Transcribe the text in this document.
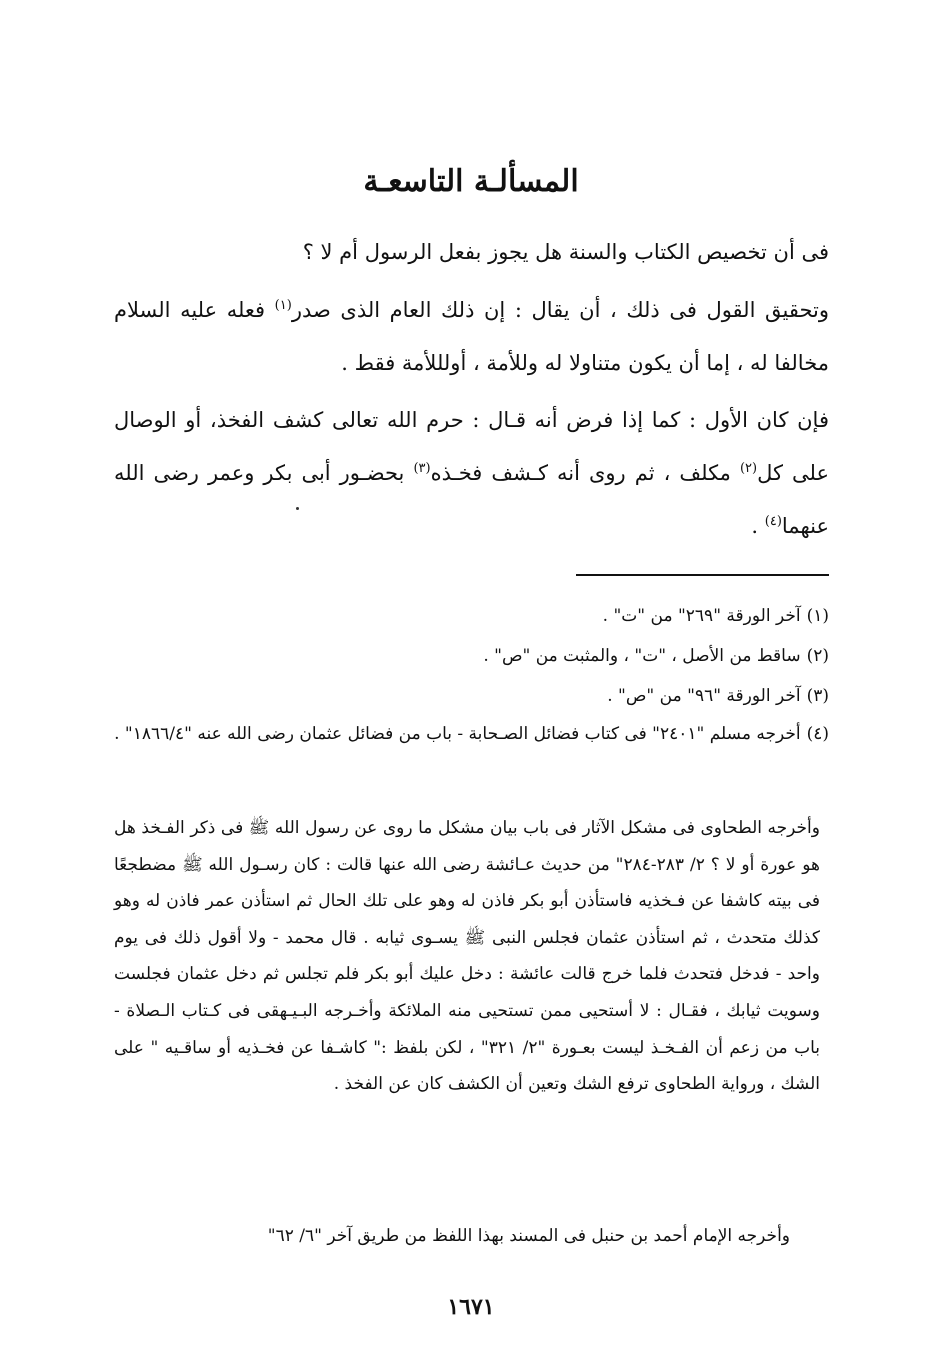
المسألـة التاسعـة

فى أن تخصيص الكتاب والسنة هل يجوز بفعل الرسول أم لا ؟

وتحقيق القول فى ذلك ، أن يقال : إن ذلك العام الذى صدر$^{(١)}$ فعله عليه السلام مخالفا له ، إما أن يكون متناولا له وللأمة ، أولللأمة فقط .

فإن كان الأول : كما إذا فرض أنه قـال : حرم الله تعالى كشف الفخذ، أو الوصال على كل$^{(٢)}$ مكلف ، ثم روى أنه كـشف فخـذه$^{(٣)}$ بحضـور أبى بكر وعمر رضى الله عنهما$^{(٤)}$ .

(١)آخر الورقة "٢٦٩" من "ت" .
(٢)ساقط من الأصل ، "ت" ، والمثبت من "ص" .
(٣)آخر الورقة "٩٦" من "ص" .
(٤)أخرجه مسلم "٢٤٠١" فى كتاب فضائل الصـحابة - باب من فضائل عثمان رضى الله عنه "١٨٦٦/٤" .

وأخرجه الطحاوى فى مشكل الآثار فى باب بيان مشكل ما روى عن رسول الله ﷺ فى ذكر الفـخذ هل هو عورة أو لا ؟ ٢/ ٢٨٣-٢٨٤" من حديث عـائشة رضى الله عنها قالت : كان رسـول الله ﷺ مضطجعًا فى بيته كاشفا عن فـخذيه فاستأذن أبو بكر فاذن له وهو على تلك الحال ثم استأذن عمر فاذن له وهو كذلك متحدث ، ثم استأذن عثمان فجلس النبى ﷺ يسـوى ثيابه . قال محمد - ولا أقول ذلك فى يوم واحد - فدخل فتحدث فلما خرج قالت عائشة : دخل عليك أبو بكر فلم تجلس ثم دخل عثمان فجلست وسويت ثيابك ، فقـال : لا أستحيى ممن تستحيى منه الملائكة وأخـرجه البـيـهقى فى كـتاب الـصلاة - باب من زعم أن الفـخـذ ليست بعـورة "٢/ ٣٢١" ، لكن بلفظ :" كاشـفا عن فخـذيه أو ساقـيه " على الشك ، ورواية الطحاوى ترفع الشك وتعين أن الكشف كان عن الفخذ .

وأخرجه الإمام أحمد بن حنبل فى المسند بهذا اللفظ من طريق آخر "٦/ ٦٢"

١٦٧١
